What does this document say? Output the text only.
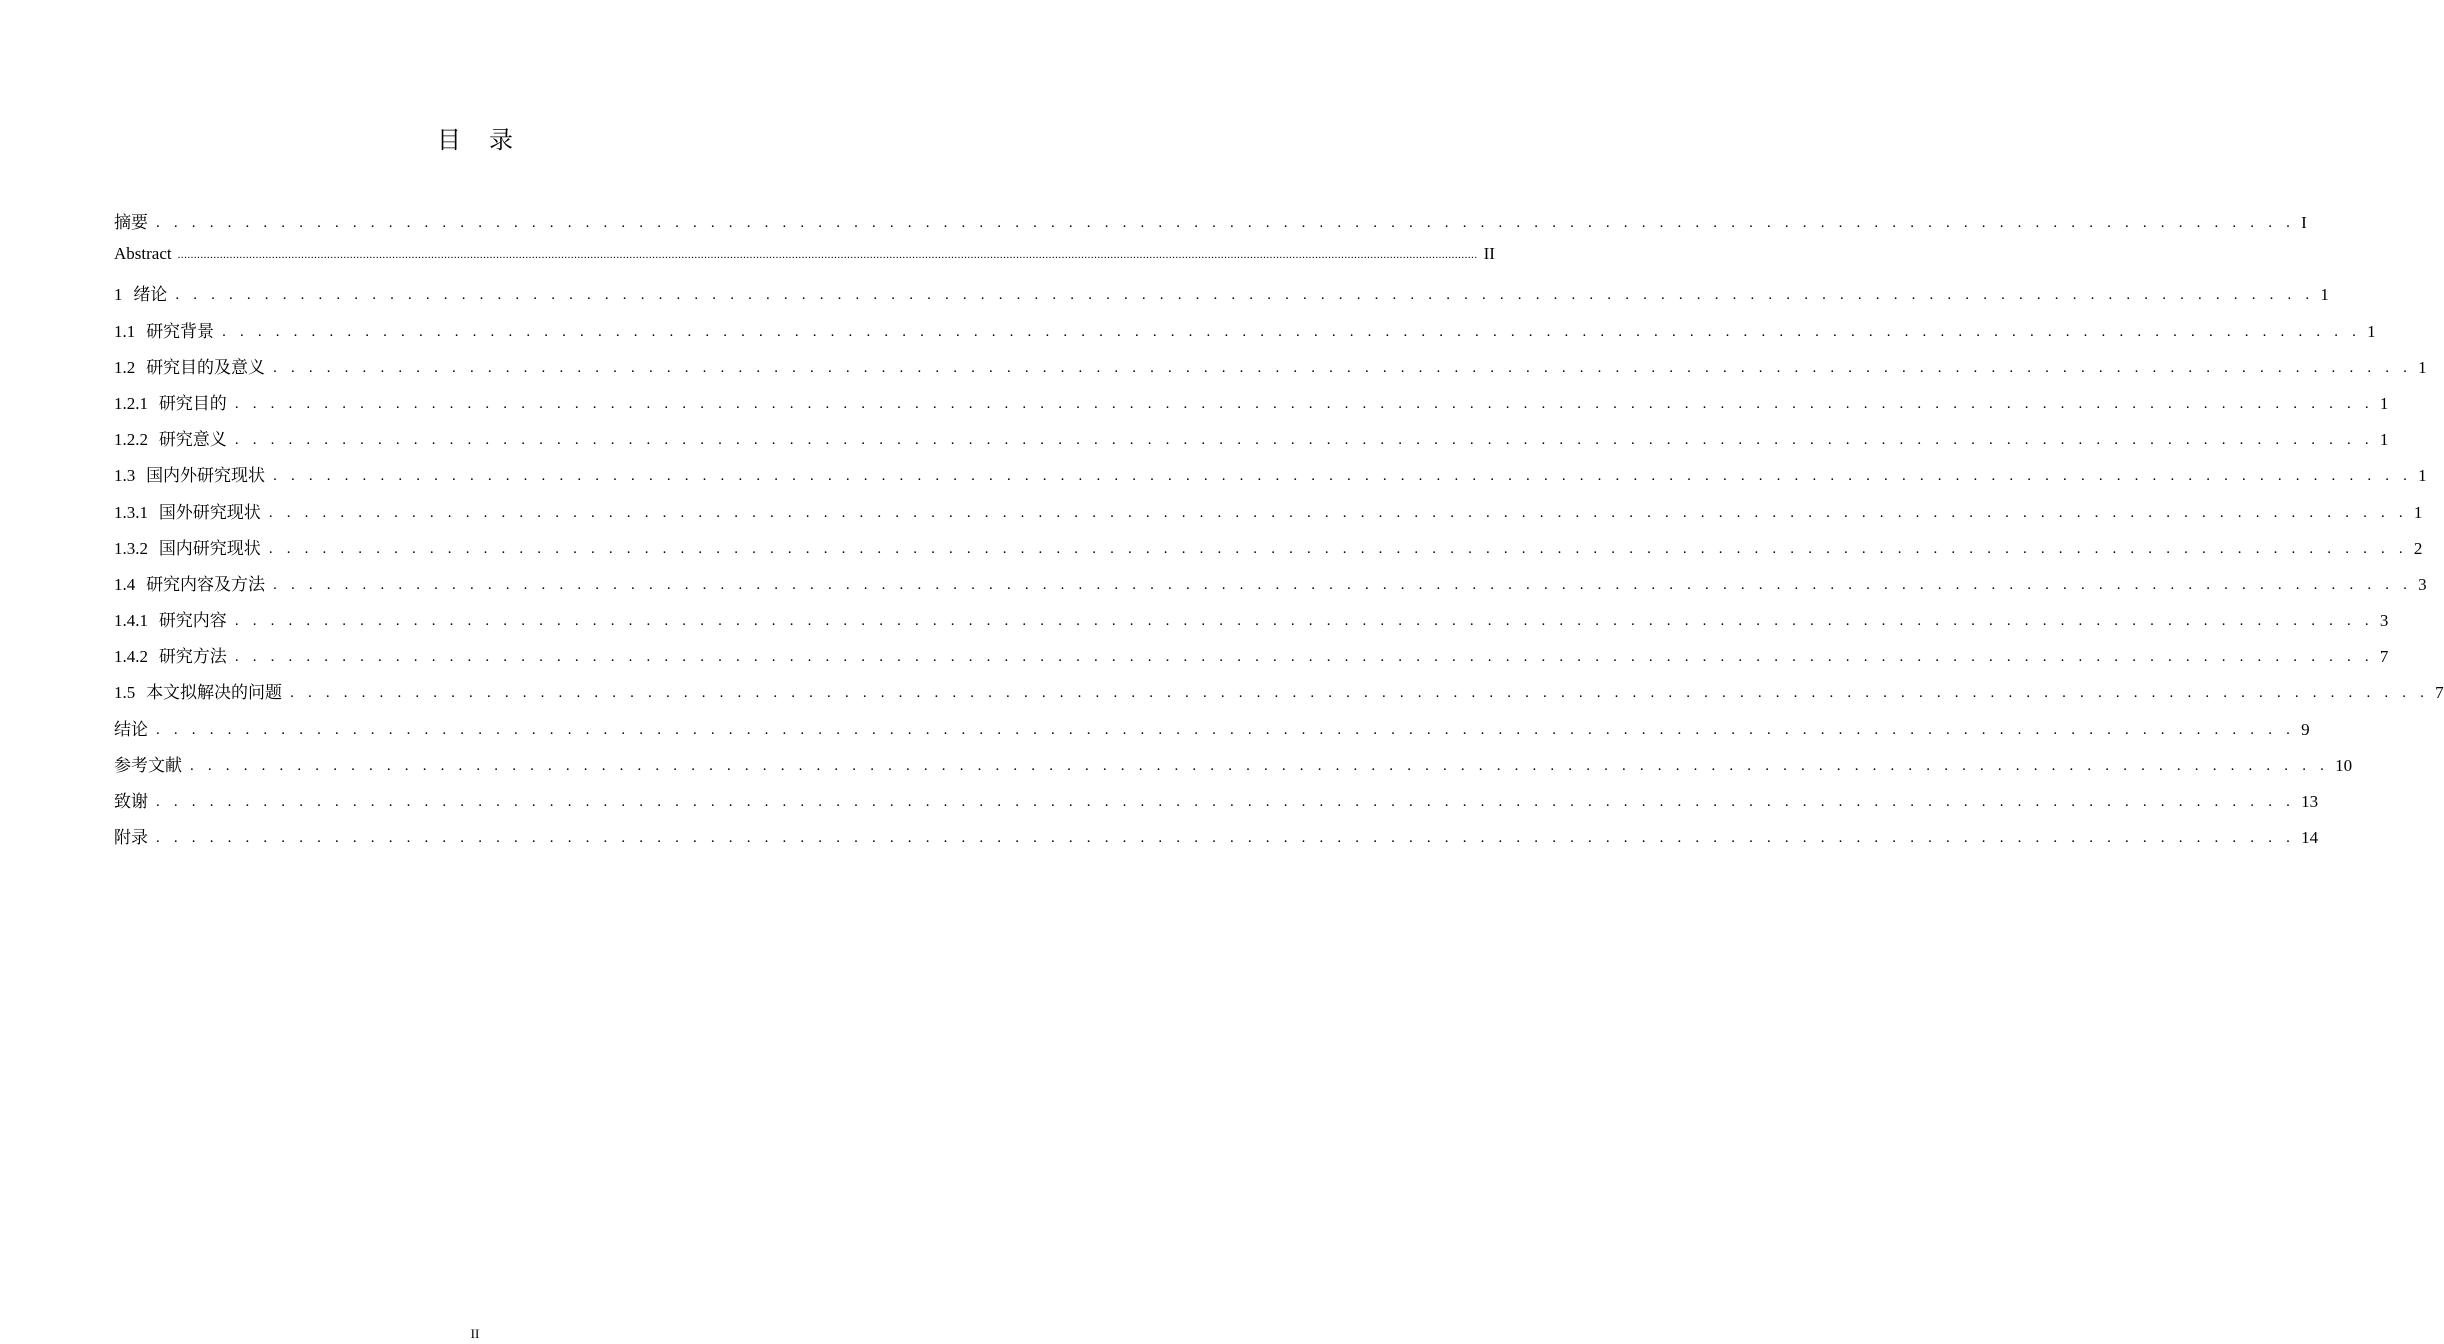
目 录
摘要 . . . . . . . . . . . . . . . . . . . . . . . . . . . . . . . . . . . . . . . . . . . . . . . . . . . . . . . . . . . . . . . . . . . . . . . . . . . . . . . . . . . . . . . . . . . . . . . . . . . . . . . . . . . . . . . . . . . . . . . . I
Abstract ................................................................................................................................................................................................................................................................................................................................................................................................................ II
1 绪论 . . . . . . . . . . . . . . . . . . . . . . . . . . . . . . . . . . . . . . . . . . . . . . . . . . . . . . . . . . . . . . . . . . . . . . . . . . . . . . . . . . . . . . . . . . . . . . . . . . . . . . . . . . . . . . . . . . . . . . . . 1
1.1 研究背景 . . . . . . . . . . . . . . . . . . . . . . . . . . . . . . . . . . . . . . . . . . . . . . . . . . . . . . . . . . . . . . . . . . . . . . . . . . . . . . . . . . . . . . . . . . . . . . . . . . . . . . . . . . . . . . . . . . . . . . . . 1
1.2 研究目的及意义 . . . . . . . . . . . . . . . . . . . . . . . . . . . . . . . . . . . . . . . . . . . . . . . . . . . . . . . . . . . . . . . . . . . . . . . . . . . . . . . . . . . . . . . . . . . . . . . . . . . . . . . . . . . . . . . . . . . . . . . . 1
1.2.1 研究目的 . . . . . . . . . . . . . . . . . . . . . . . . . . . . . . . . . . . . . . . . . . . . . . . . . . . . . . . . . . . . . . . . . . . . . . . . . . . . . . . . . . . . . . . . . . . . . . . . . . . . . . . . . . . . . . . . . . . . . . . . 1
1.2.2 研究意义 . . . . . . . . . . . . . . . . . . . . . . . . . . . . . . . . . . . . . . . . . . . . . . . . . . . . . . . . . . . . . . . . . . . . . . . . . . . . . . . . . . . . . . . . . . . . . . . . . . . . . . . . . . . . . . . . . . . . . . . . 1
1.3 国内外研究现状 . . . . . . . . . . . . . . . . . . . . . . . . . . . . . . . . . . . . . . . . . . . . . . . . . . . . . . . . . . . . . . . . . . . . . . . . . . . . . . . . . . . . . . . . . . . . . . . . . . . . . . . . . . . . . . . . . . . . . . . . 1
1.3.1 国外研究现状 . . . . . . . . . . . . . . . . . . . . . . . . . . . . . . . . . . . . . . . . . . . . . . . . . . . . . . . . . . . . . . . . . . . . . . . . . . . . . . . . . . . . . . . . . . . . . . . . . . . . . . . . . . . . . . . . . . . . . . . . 1
1.3.2 国内研究现状 . . . . . . . . . . . . . . . . . . . . . . . . . . . . . . . . . . . . . . . . . . . . . . . . . . . . . . . . . . . . . . . . . . . . . . . . . . . . . . . . . . . . . . . . . . . . . . . . . . . . . . . . . . . . . . . . . . . . . . . . 2
1.4 研究内容及方法 . . . . . . . . . . . . . . . . . . . . . . . . . . . . . . . . . . . . . . . . . . . . . . . . . . . . . . . . . . . . . . . . . . . . . . . . . . . . . . . . . . . . . . . . . . . . . . . . . . . . . . . . . . . . . . . . . . . . . . . . 3
1.4.1 研究内容 . . . . . . . . . . . . . . . . . . . . . . . . . . . . . . . . . . . . . . . . . . . . . . . . . . . . . . . . . . . . . . . . . . . . . . . . . . . . . . . . . . . . . . . . . . . . . . . . . . . . . . . . . . . . . . . . . . . . . . . . 3
1.4.2 研究方法 . . . . . . . . . . . . . . . . . . . . . . . . . . . . . . . . . . . . . . . . . . . . . . . . . . . . . . . . . . . . . . . . . . . . . . . . . . . . . . . . . . . . . . . . . . . . . . . . . . . . . . . . . . . . . . . . . . . . . . . . 7
1.5 本文拟解决的问题 . . . . . . . . . . . . . . . . . . . . . . . . . . . . . . . . . . . . . . . . . . . . . . . . . . . . . . . . . . . . . . . . . . . . . . . . . . . . . . . . . . . . . . . . . . . . . . . . . . . . . . . . . . . . . . . . . . . . . . . . 7
结论 . . . . . . . . . . . . . . . . . . . . . . . . . . . . . . . . . . . . . . . . . . . . . . . . . . . . . . . . . . . . . . . . . . . . . . . . . . . . . . . . . . . . . . . . . . . . . . . . . . . . . . . . . . . . . . . . . . . . . . . . 9
参考文献 . . . . . . . . . . . . . . . . . . . . . . . . . . . . . . . . . . . . . . . . . . . . . . . . . . . . . . . . . . . . . . . . . . . . . . . . . . . . . . . . . . . . . . . . . . . . . . . . . . . . . . . . . . . . . . . . . . . . . . . . 10
致谢 . . . . . . . . . . . . . . . . . . . . . . . . . . . . . . . . . . . . . . . . . . . . . . . . . . . . . . . . . . . . . . . . . . . . . . . . . . . . . . . . . . . . . . . . . . . . . . . . . . . . . . . . . . . . . . . . . . . . . . . . 13
附录 . . . . . . . . . . . . . . . . . . . . . . . . . . . . . . . . . . . . . . . . . . . . . . . . . . . . . . . . . . . . . . . . . . . . . . . . . . . . . . . . . . . . . . . . . . . . . . . . . . . . . . . . . . . . . . . . . . . . . . . . 14
II
